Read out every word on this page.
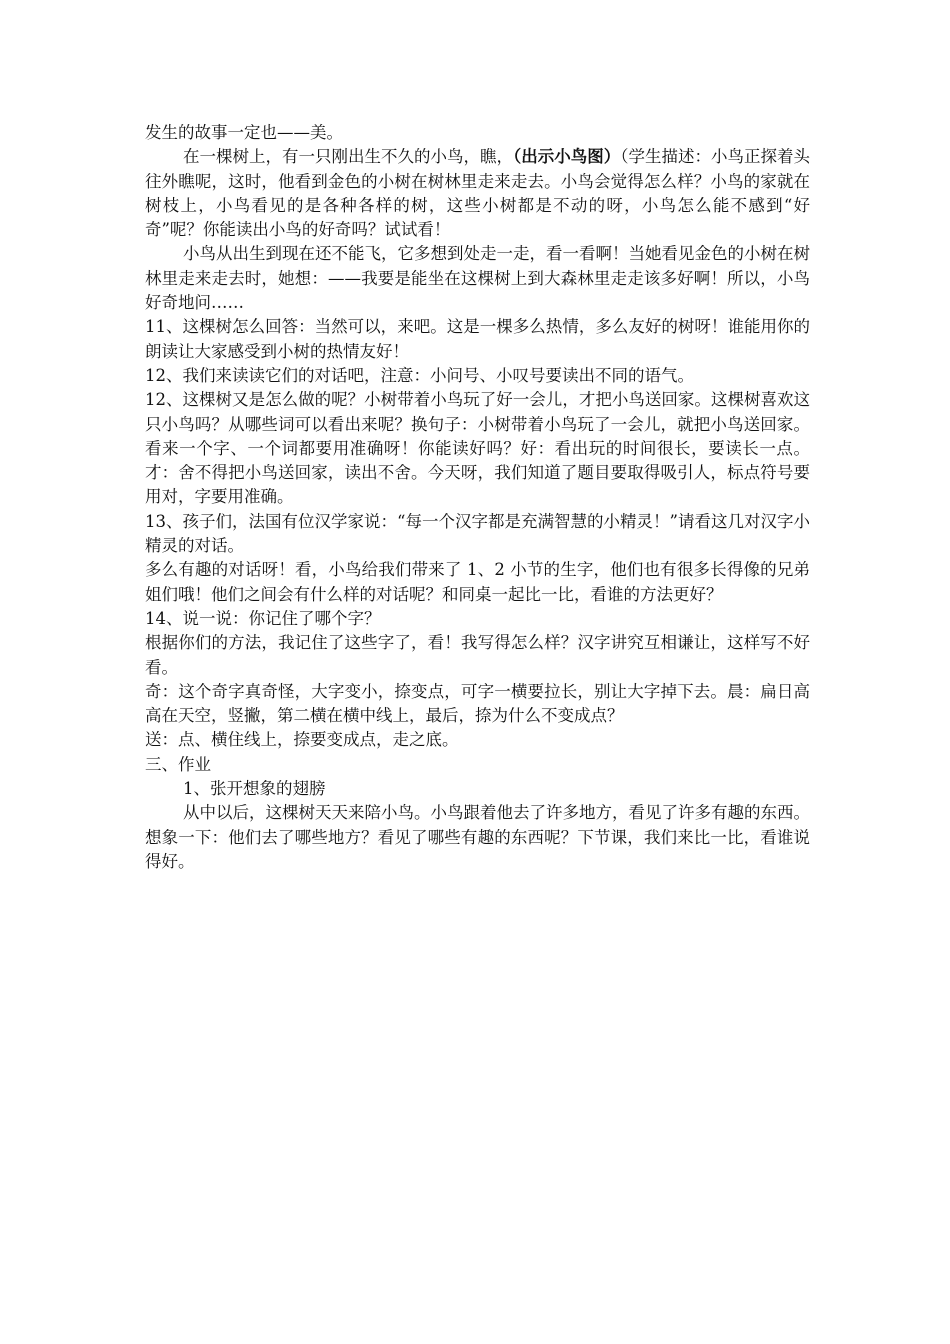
发生的故事一定也——美。

在一棵树上，有一只刚出生不久的小鸟，瞧，（出示小鸟图）（学生描述：小鸟正探着头往外瞧呢，这时，他看到金色的小树在树林里走来走去。小鸟会觉得怎么样？小鸟的家就在树枝上，小鸟看见的是各种各样的树，这些小树都是不动的呀，小鸟怎么能不感到“好奇”呢？你能读出小鸟的好奇吗？试试看！

小鸟从出生到现在还不能飞，它多想到处走一走，看一看啊！当她看见金色的小树在树林里走来走去时，她想：——我要是能坐在这棵树上到大森林里走走该多好啊！所以，小鸟好奇地问……

11、这棵树怎么回答：当然可以，来吧。这是一棵多么热情，多么友好的树呀！谁能用你的朗读让大家感受到小树的热情友好！

12、我们来读读它们的对话吧，注意：小问号、小叹号要读出不同的语气。

12、这棵树又是怎么做的呢？小树带着小鸟玩了好一会儿，才把小鸟送回家。这棵树喜欢这只小鸟吗？从哪些词可以看出来呢？换句子：小树带着小鸟玩了一会儿，就把小鸟送回家。看来一个字、一个词都要用准确呀！你能读好吗？好：看出玩的时间很长，要读长一点。才：舍不得把小鸟送回家，读出不舍。今天呀，我们知道了题目要取得吸引人，标点符号要用对，字要用准确。

13、孩子们，法国有位汉学家说：“每一个汉字都是充满智慧的小精灵！”请看这几对汉字小精灵的对话。

多么有趣的对话呀！看，小鸟给我们带来了 1、2 小节的生字，他们也有很多长得像的兄弟姐们哦！他们之间会有什么样的对话呢？和同桌一起比一比，看谁的方法更好？

14、说一说：你记住了哪个字？

根据你们的方法，我记住了这些字了，看！我写得怎么样？汉字讲究互相谦让，这样写不好看。

奇：这个奇字真奇怪，大字变小，捺变点，可字一横要拉长，别让大字掉下去。晨：扁日高高在天空，竖撇，第二横在横中线上，最后，捺为什么不变成点？

送：点、横住线上，捺要变成点，走之底。

三、作业

1、张开想象的翅膀

从中以后，这棵树天天来陪小鸟。小鸟跟着他去了许多地方，看见了许多有趣的东西。想象一下：他们去了哪些地方？看见了哪些有趣的东西呢？下节课，我们来比一比，看谁说得好。
